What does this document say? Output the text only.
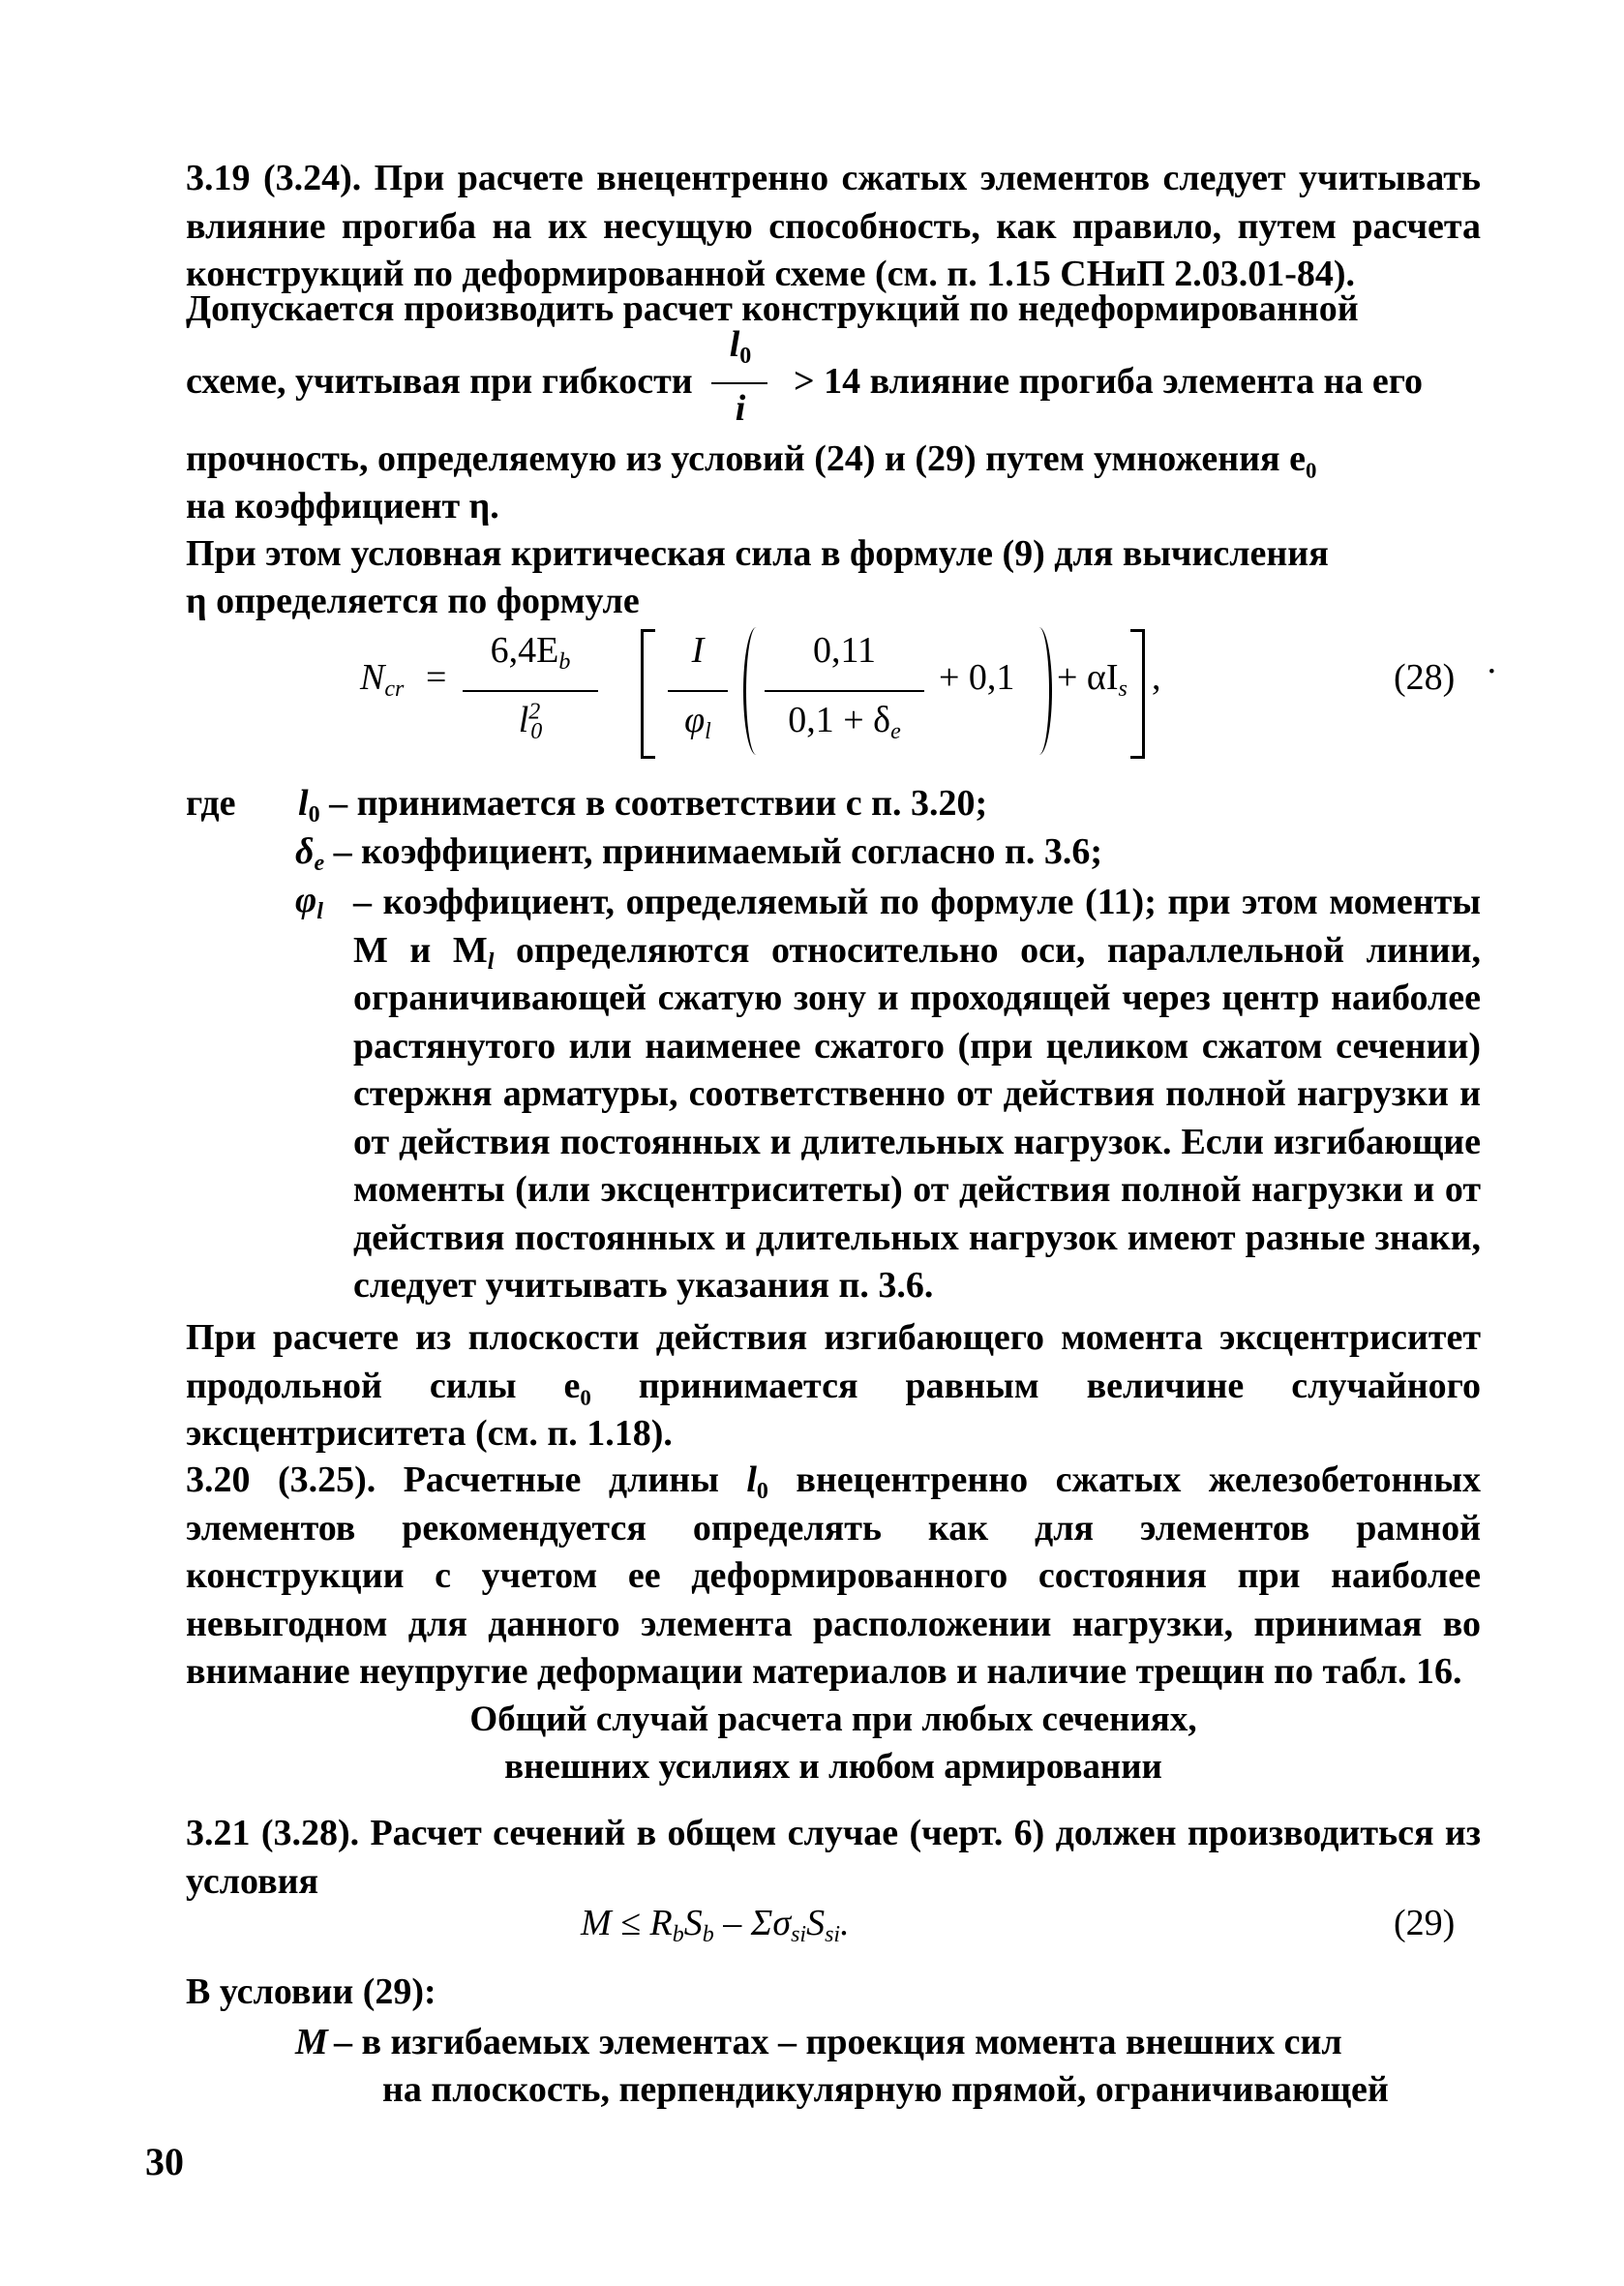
3.19 (3.24). При расчете внецентренно сжатых элементов следует учитывать влияние прогиба на их несущую способность, как правило, путем расчета конструкций по деформированной схеме (см. п. 1.15 СНиП 2.03.01-84).

Допускается производить расчет конструкций по недеформированной

схеме, учитывая при гибкости
$l_0$
i
> 14 влияние прогиба элемента на его

прочность, определяемую из условий (24) и (29) путем умножения e₀

на коэффициент η.

При этом условная критическая сила в формуле (9) для вычисления

η определяется по формуле

$N_{cr}$ =
$6,4E_b$
$l^2_0$
I
$\varphi_l$
0,11
$0,1 + \delta_e$
+ $0,1 + \alpha I_s$ ,	(28) ·
где $l_0$ – принимается в соответствии с п. 3.20;
$\delta_e$ – коэффициент, принимаемый согласно п. 3.6;
$\varphi_l$ – коэффициент, определяемый по формуле (11); при этом моменты M и $M_l$ определяются относительно оси, параллельной линии, ограничивающей сжатую зону и проходящей через центр наиболее растянутого или наименее сжатого (при целиком сжатом сечении) стержня арматуры, соответственно от действия полной нагрузки и от действия постоянных и длительных нагрузок. Если изгибающие моменты (или эксцентриситеты) от действия полной нагрузки и от действия постоянных и длительных нагрузок имеют разные знаки, следует учитывать указания п. 3.6.

При расчете из плоскости действия изгибающего момента эксцентриситет продольной силы e₀ принимается равным величине случайного эксцентриситета (см. п. 1.18).

3.20 (3.25). Расчетные длины $l_0$ внецентренно сжатых железобетонных элементов рекомендуется определять как для элементов рамной конструкции с учетом ее деформированного состояния при наиболее невыгодном для данного элемента расположении нагрузки, принимая во внимание неупругие деформации материалов и наличие трещин по табл. 16.

Общий случай расчета при любых сечениях,

внешних усилиях и любом армировании

3.21 (3.28). Расчет сечений в общем случае (черт. 6) должен производиться из условия

$M \le R_bS_b - \Sigma\sigma_{si}S_{si}$.	(29)
В условии (29):
M – в изгибаемых элементах – проекция момента внешних сил
на плоскость, перпендикулярную прямой, ограничивающей
30
